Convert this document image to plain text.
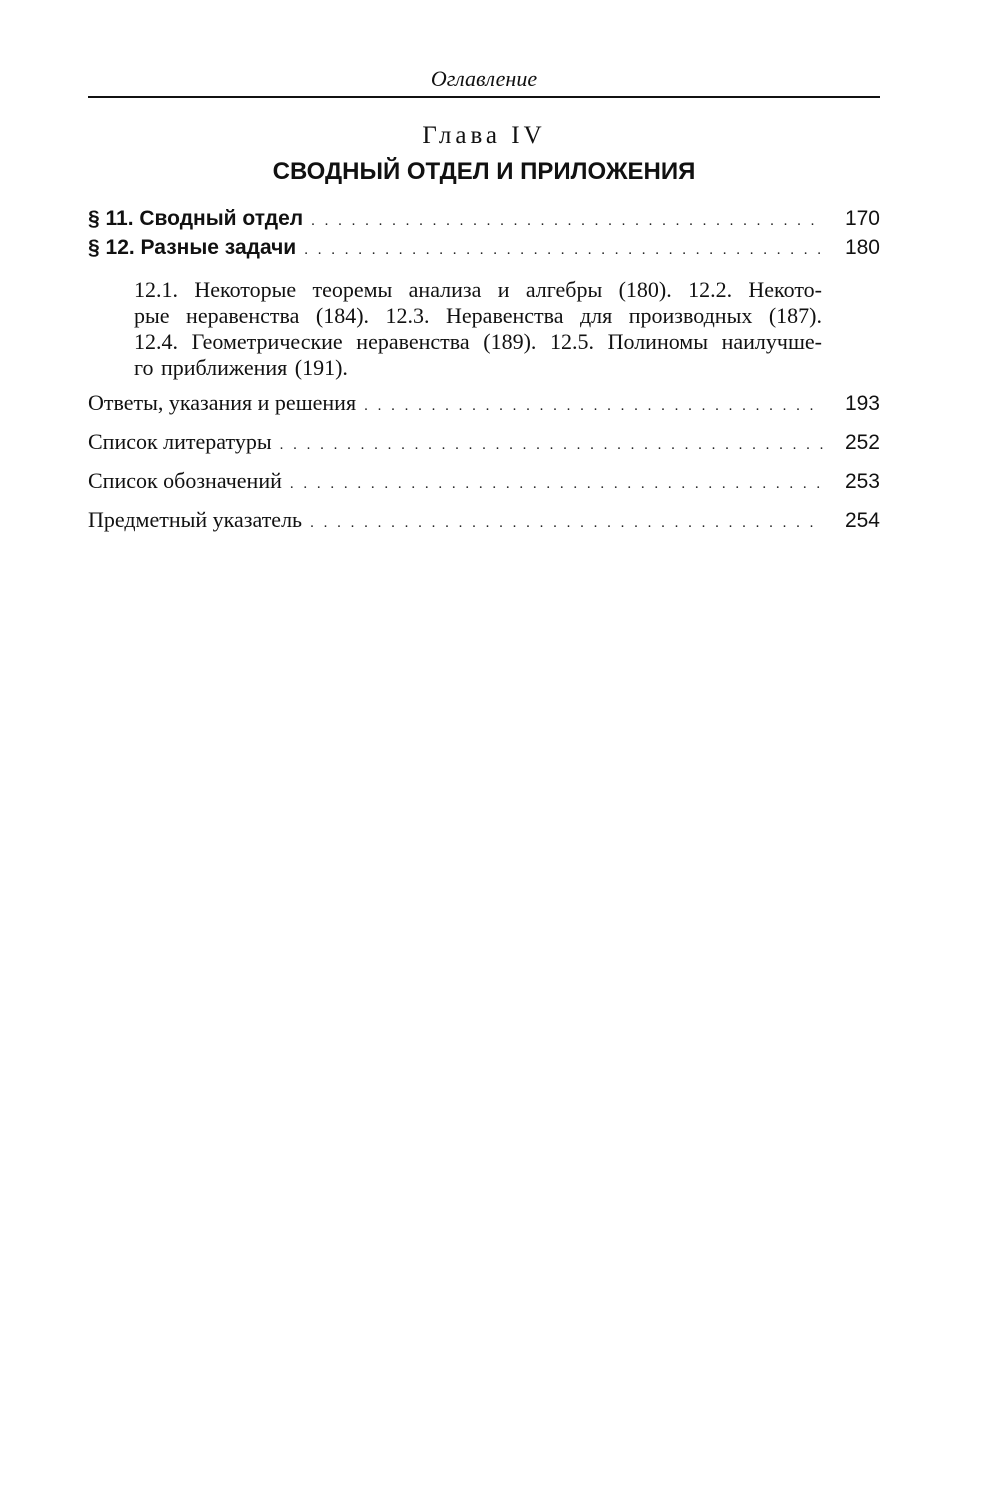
Оглавление
Глава IV
СВОДНЫЙ ОТДЕЛ И ПРИЛОЖЕНИЯ
§ 11. Сводный отдел . . .	170
§ 12. Разные задачи . . .	180
12.1. Некоторые теоремы анализа и алгебры (180). 12.2. Некото-
рые неравенства (184). 12.3. Неравенства для производных (187).
12.4. Геометрические неравенства (189). 12.5. Полиномы наилучше-
го приближения (191).
Ответы, указания и решения . . .	193
Список литературы . . .	252
Список обозначений . . .	253
Предметный указатель . . .	254
